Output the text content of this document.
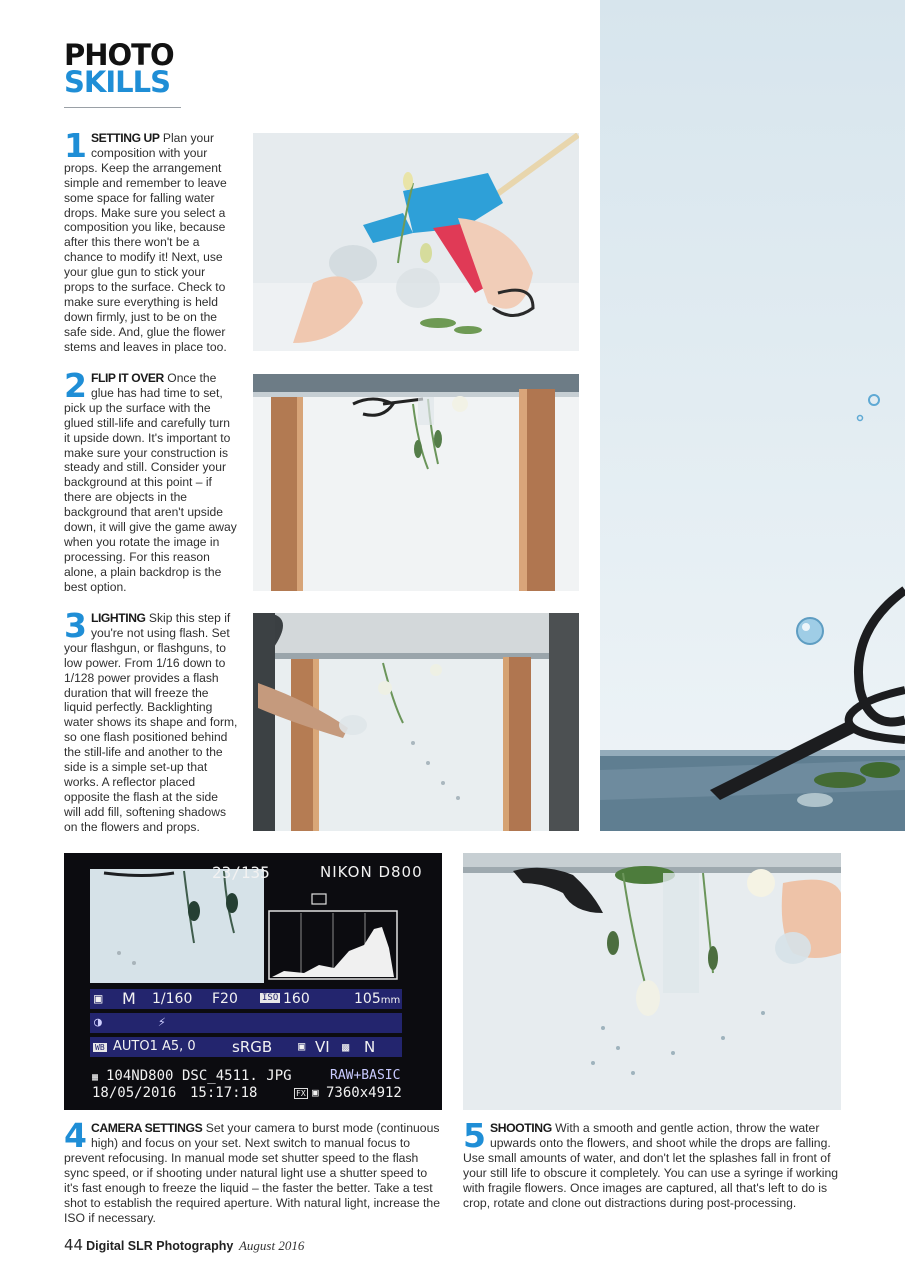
PHOTO
SKILLS

1 SETTING UP Plan your composition with your props. Keep the arrangement simple and remember to leave some space for falling water drops. Make sure you select a composition you like, because after this there won't be a chance to modify it! Next, use your glue gun to stick your props to the surface. Check to make sure everything is held down firmly, just to be on the safe side. And, glue the flower stems and leaves in place too.

2 FLIP IT OVER Once the glue has had time to set, pick up the surface with the glued still-life and carefully turn it upside down. It's important to make sure your construction is steady and still. Consider your background at this point – if there are objects in the background that aren't upside down, it will give the game away when you rotate the image in processing. For this reason alone, a plain backdrop is the best option.

3 LIGHTING Skip this step if you're not using flash. Set your flashgun, or flashguns, to low power. From 1/16 down to 1/128 power provides a flash duration that will freeze the liquid perfectly. Backlighting water shows its shape and form, so one flash positioned behind the still-life and another to the side is a simple set-up that works. A reflector placed opposite the flash at the side will add fill, softening shadows on the flowers and props.

23/135	NIKON D800
▣ M 1/160 F20	ISO 160	105mm
◑	⚡
WB AUTO1 A5, 0 sRGB ▣ VI ▩ N
▦ 104ND800 DSC_4511. JPG	RAW+BASIC
18/05/2016 15:17:18	FX ▣ 7360x4912

4 CAMERA SETTINGS Set your camera to burst mode (continuous high) and focus on your set. Next switch to manual focus to prevent refocusing. In manual mode set shutter speed to the flash sync speed, or if shooting under natural light use a shutter speed to it's fast enough to freeze the liquid – the faster the better. Take a test shot to establish the required aperture. With natural light, increase the ISO if necessary.

5 SHOOTING With a smooth and gentle action, throw the water upwards onto the flowers, and shoot while the drops are falling. Use small amounts of water, and don't let the splashes fall in front of your still life to obscure it completely. You can use a syringe if working with fragile flowers. Once images are captured, all that's left to do is crop, rotate and clone out distractions during post-processing.

44 Digital SLR Photography August 2016
